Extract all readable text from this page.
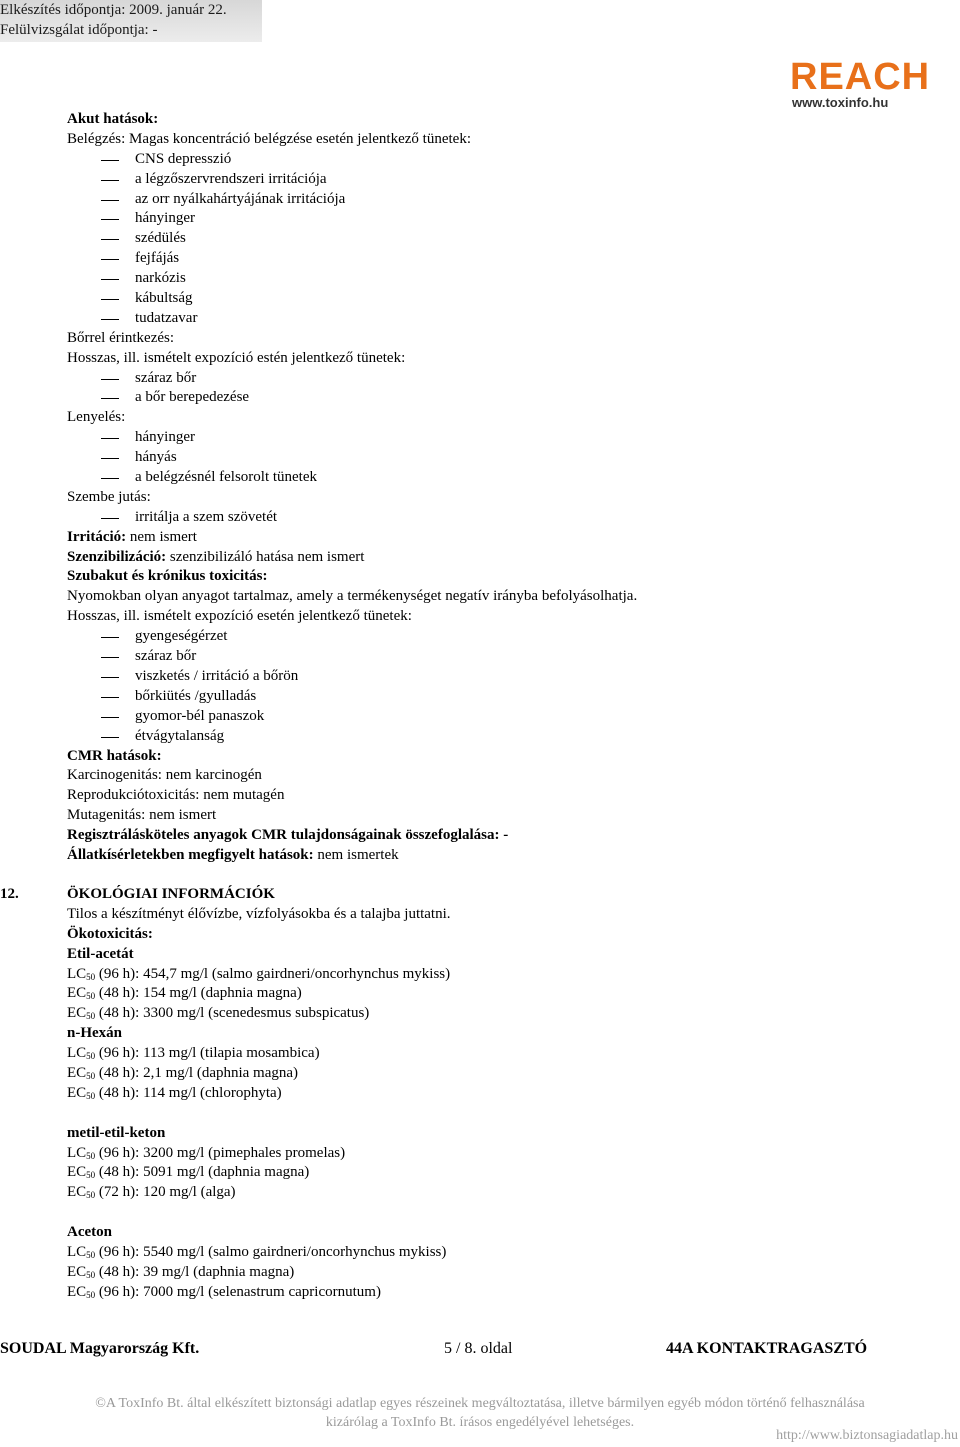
Elkészítés időpontja: 2009. január 22.
Felülvizsgálat időpontja: -
REACH
www.toxinfo.hu
Akut hatások:
Belégzés: Magas koncentráció belégzése esetén jelentkező tünetek:
CNS depresszió
a légzőszervrendszeri irritációja
az orr nyálkahártyájának irritációja
hányinger
szédülés
fejfájás
narkózis
kábultság
tudatzavar
Bőrrel érintkezés:
Hosszas, ill. ismételt expozíció estén jelentkező tünetek:
száraz bőr
a bőr berepedezése
Lenyelés:
hányinger
hányás
a belégzésnél felsorolt tünetek
Szembe jutás:
irritálja a szem szövetét
Irritáció: nem ismert
Szenzibilizáció: szenzibilizáló hatása nem ismert
Szubakut és krónikus toxicitás:
Nyomokban olyan anyagot tartalmaz, amely a termékenységet negatív irányba befolyásolhatja.
Hosszas, ill. ismételt expozíció esetén jelentkező tünetek:
gyengeségérzet
száraz bőr
viszketés / irritáció a bőrön
bőrkiütés /gyulladás
gyomor-bél panaszok
étvágytalanság
CMR hatások:
Karcinogenitás: nem karcinogén
Reprodukciótoxicitás: nem mutagén
Mutagenitás: nem ismert
Regisztrálásköteles anyagok CMR tulajdonságainak összefoglalása: -
Állatkísérletekben megfigyelt hatások: nem ismertek
12.	ÖKOLÓGIAI INFORMÁCIÓK
Tilos a készítményt élővízbe, vízfolyásokba és a talajba juttatni.
Ökotoxicitás:
Etil-acetát
$LC_{50}$ (96 h): 454,7 mg/l (salmo gairdneri/oncorhynchus mykiss)
$EC_{50}$ (48 h): 154 mg/l (daphnia magna)
$EC_{50}$ (48 h): 3300 mg/l (scenedesmus subspicatus)
n-Hexán
$LC_{50}$ (96 h): 113 mg/l (tilapia mosambica)
$EC_{50}$ (48 h): 2,1 mg/l (daphnia magna)
$EC_{50}$ (48 h): 114 mg/l (chlorophyta)
metil-etil-keton
$LC_{50}$ (96 h): 3200 mg/l (pimephales promelas)
$EC_{50}$ (48 h): 5091 mg/l (daphnia magna)
$EC_{50}$ (72 h): 120 mg/l (alga)
Aceton
$LC_{50}$ (96 h): 5540 mg/l (salmo gairdneri/oncorhynchus mykiss)
$EC_{50}$ (48 h): 39 mg/l (daphnia magna)
$EC_{50}$ (96 h): 7000 mg/l (selenastrum capricornutum)
SOUDAL Magyarország Kft.	5 / 8. oldal	44A KONTAKTRAGASZTÓ
©A ToxInfo Bt. által elkészített biztonsági adatlap egyes részeinek megváltoztatása, illetve bármilyen egyéb módon történő felhasználása
kizárólag a ToxInfo Bt. írásos engedélyével lehetséges.
http://www.biztonsagiadatlap.hu
